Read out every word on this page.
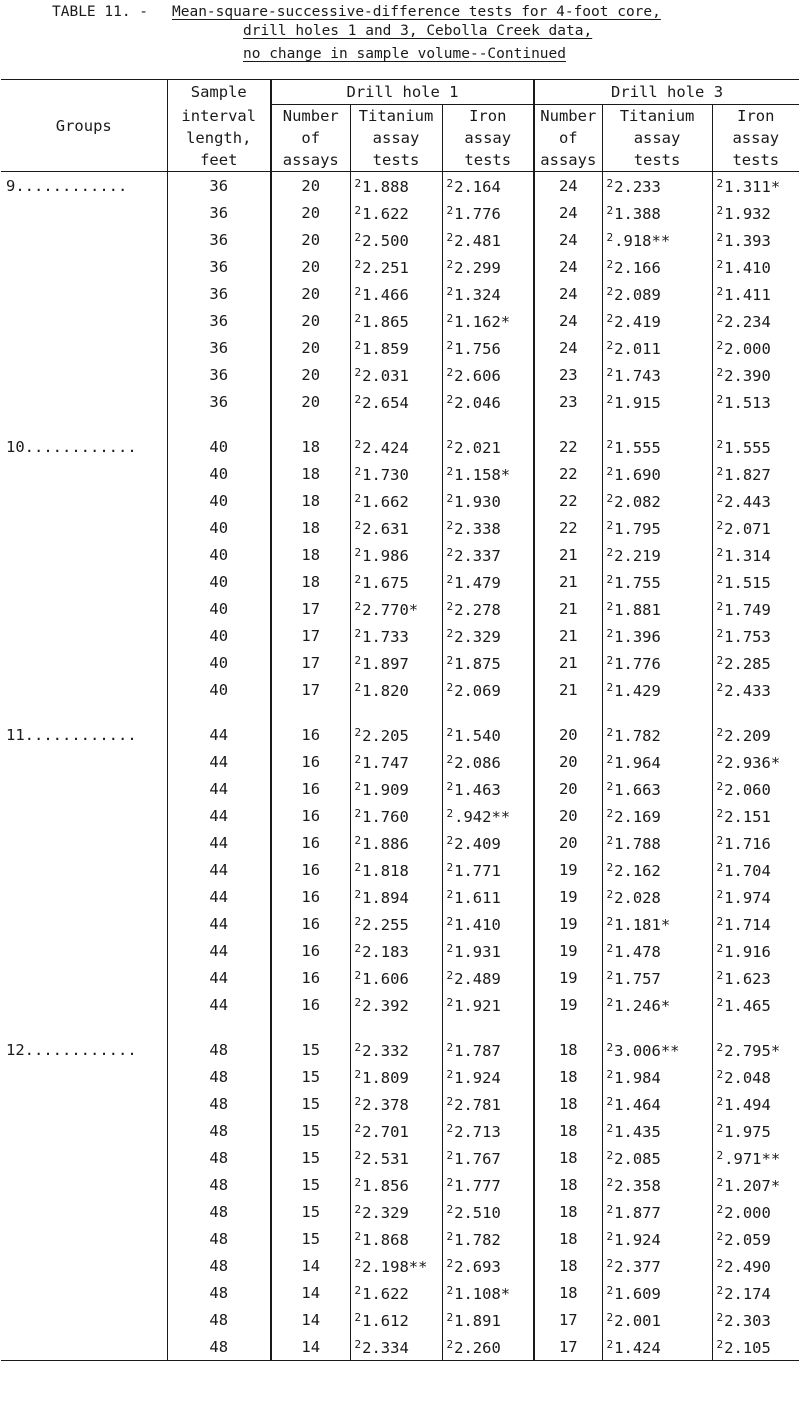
TABLE 11. - Mean-square-successive-difference tests for 4-foot core,
drill holes 1 and 3, Cebolla Creek data,
no change in sample volume--Continued
Groups	Sample	Drill hole 1			Drill hole 3		
	interval	Number	Titanium	Iron	Number	Titanium	Iron
	length,	of	assay	assay	of	assay	assay
	feet	assays	tests	tests	assays	tests	tests
9............	36	20	$^2$1.888	$^2$2.164	24	$^2$2.233	$^2$1.311*
	36	20	$^2$1.622	$^2$1.776	24	$^2$1.388	$^2$1.932
	36	20	$^2$2.500	$^2$2.481	24	$^2$.918**	$^2$1.393
	36	20	$^2$2.251	$^2$2.299	24	$^2$2.166	$^2$1.410
	36	20	$^2$1.466	$^2$1.324	24	$^2$2.089	$^2$1.411
	36	20	$^2$1.865	$^2$1.162*	24	$^2$2.419	$^2$2.234
	36	20	$^2$1.859	$^2$1.756	24	$^2$2.011	$^2$2.000
	36	20	$^2$2.031	$^2$2.606	23	$^2$1.743	$^2$2.390
	36	20	$^2$2.654	$^2$2.046	23	$^2$1.915	$^2$1.513

10............	40	18	$^2$2.424	$^2$2.021	22	$^2$1.555	$^2$1.555
	40	18	$^2$1.730	$^2$1.158*	22	$^2$1.690	$^2$1.827
	40	18	$^2$1.662	$^2$1.930	22	$^2$2.082	$^2$2.443
	40	18	$^2$2.631	$^2$2.338	22	$^2$1.795	$^2$2.071
	40	18	$^2$1.986	$^2$2.337	21	$^2$2.219	$^2$1.314
	40	18	$^2$1.675	$^2$1.479	21	$^2$1.755	$^2$1.515
	40	17	$^2$2.770*	$^2$2.278	21	$^2$1.881	$^2$1.749
	40	17	$^2$1.733	$^2$2.329	21	$^2$1.396	$^2$1.753
	40	17	$^2$1.897	$^2$1.875	21	$^2$1.776	$^2$2.285
	40	17	$^2$1.820	$^2$2.069	21	$^2$1.429	$^2$2.433

11............	44	16	$^2$2.205	$^2$1.540	20	$^2$1.782	$^2$2.209
	44	16	$^2$1.747	$^2$2.086	20	$^2$1.964	$^2$2.936*
	44	16	$^2$1.909	$^2$1.463	20	$^2$1.663	$^2$2.060
	44	16	$^2$1.760	$^2$.942**	20	$^2$2.169	$^2$2.151
	44	16	$^2$1.886	$^2$2.409	20	$^2$1.788	$^2$1.716
	44	16	$^2$1.818	$^2$1.771	19	$^2$2.162	$^2$1.704
	44	16	$^2$1.894	$^2$1.611	19	$^2$2.028	$^2$1.974
	44	16	$^2$2.255	$^2$1.410	19	$^2$1.181*	$^2$1.714
	44	16	$^2$2.183	$^2$1.931	19	$^2$1.478	$^2$1.916
	44	16	$^2$1.606	$^2$2.489	19	$^2$1.757	$^2$1.623
	44	16	$^2$2.392	$^2$1.921	19	$^2$1.246*	$^2$1.465

12............	48	15	$^2$2.332	$^2$1.787	18	$^2$3.006**	$^2$2.795*
	48	15	$^2$1.809	$^2$1.924	18	$^2$1.984	$^2$2.048
	48	15	$^2$2.378	$^2$2.781	18	$^2$1.464	$^2$1.494
	48	15	$^2$2.701	$^2$2.713	18	$^2$1.435	$^2$1.975
	48	15	$^2$2.531	$^2$1.767	18	$^2$2.085	$^2$.971**
	48	15	$^2$1.856	$^2$1.777	18	$^2$2.358	$^2$1.207*
	48	15	$^2$2.329	$^2$2.510	18	$^2$1.877	$^2$2.000
	48	15	$^2$1.868	$^2$1.782	18	$^2$1.924	$^2$2.059
	48	14	$^2$2.198**	$^2$2.693	18	$^2$2.377	$^2$2.490
	48	14	$^2$1.622	$^2$1.108*	18	$^2$1.609	$^2$2.174
	48	14	$^2$1.612	$^2$1.891	17	$^2$2.001	$^2$2.303
	48	14	$^2$2.334	$^2$2.260	17	$^2$1.424	$^2$2.105
